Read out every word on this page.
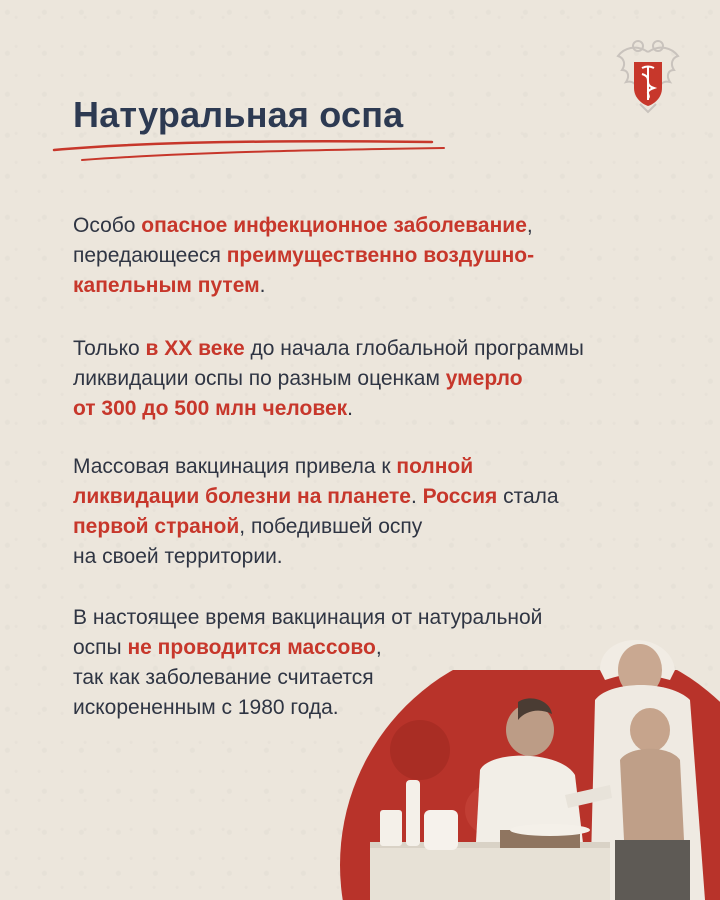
Натуральная оспа
Особо опасное инфекционное заболевание,
передающееся преимущественно воздушно-
капельным путем.
Только в XX веке до начала глобальной программы
ликвидации оспы по разным оценкам умерло
от 300 до 500 млн человек.
Массовая вакцинация привела к полной
ликвидации болезни на планете. Россия стала
первой страной, победившей оспу
на своей территории.
В настоящее время вакцинация от натуральной
оспы не проводится массово,
так как заболевание считается
искорененным с 1980 года.
